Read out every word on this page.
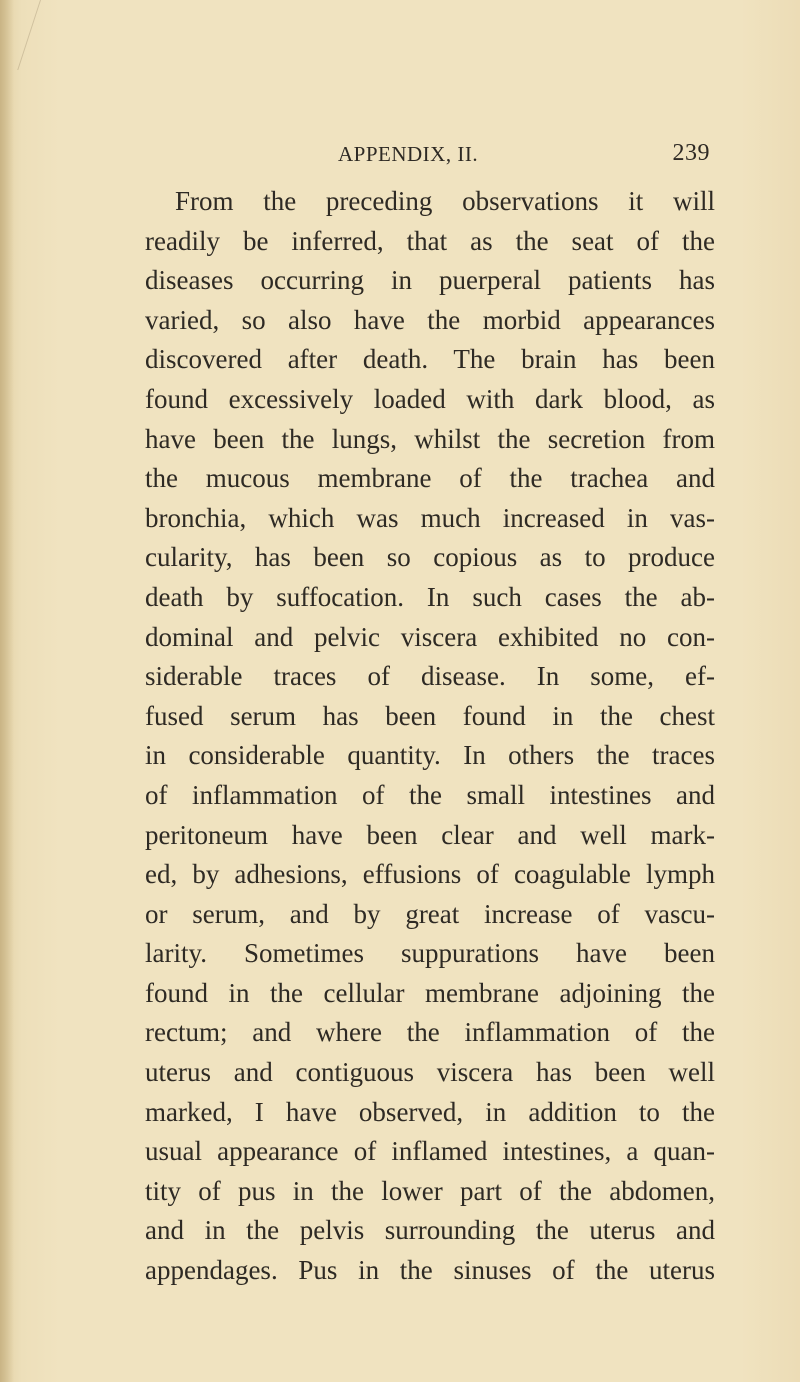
APPENDIX, II.	239
From the preceding observations it will
readily be inferred, that as the seat of the
diseases occurring in puerperal patients has
varied, so also have the morbid appearances
discovered after death. The brain has been
found excessively loaded with dark blood, as
have been the lungs, whilst the secretion from
the mucous membrane of the trachea and
bronchia, which was much increased in vas-
cularity, has been so copious as to produce
death by suffocation. In such cases the ab-
dominal and pelvic viscera exhibited no con-
siderable traces of disease. In some, ef-
fused serum has been found in the chest
in considerable quantity. In others the traces
of inflammation of the small intestines and
peritoneum have been clear and well mark-
ed, by adhesions, effusions of coagulable lymph
or serum, and by great increase of vascu-
larity. Sometimes suppurations have been
found in the cellular membrane adjoining the
rectum; and where the inflammation of the
uterus and contiguous viscera has been well
marked, I have observed, in addition to the
usual appearance of inflamed intestines, a quan-
tity of pus in the lower part of the abdomen,
and in the pelvis surrounding the uterus and
appendages. Pus in the sinuses of the uterus
